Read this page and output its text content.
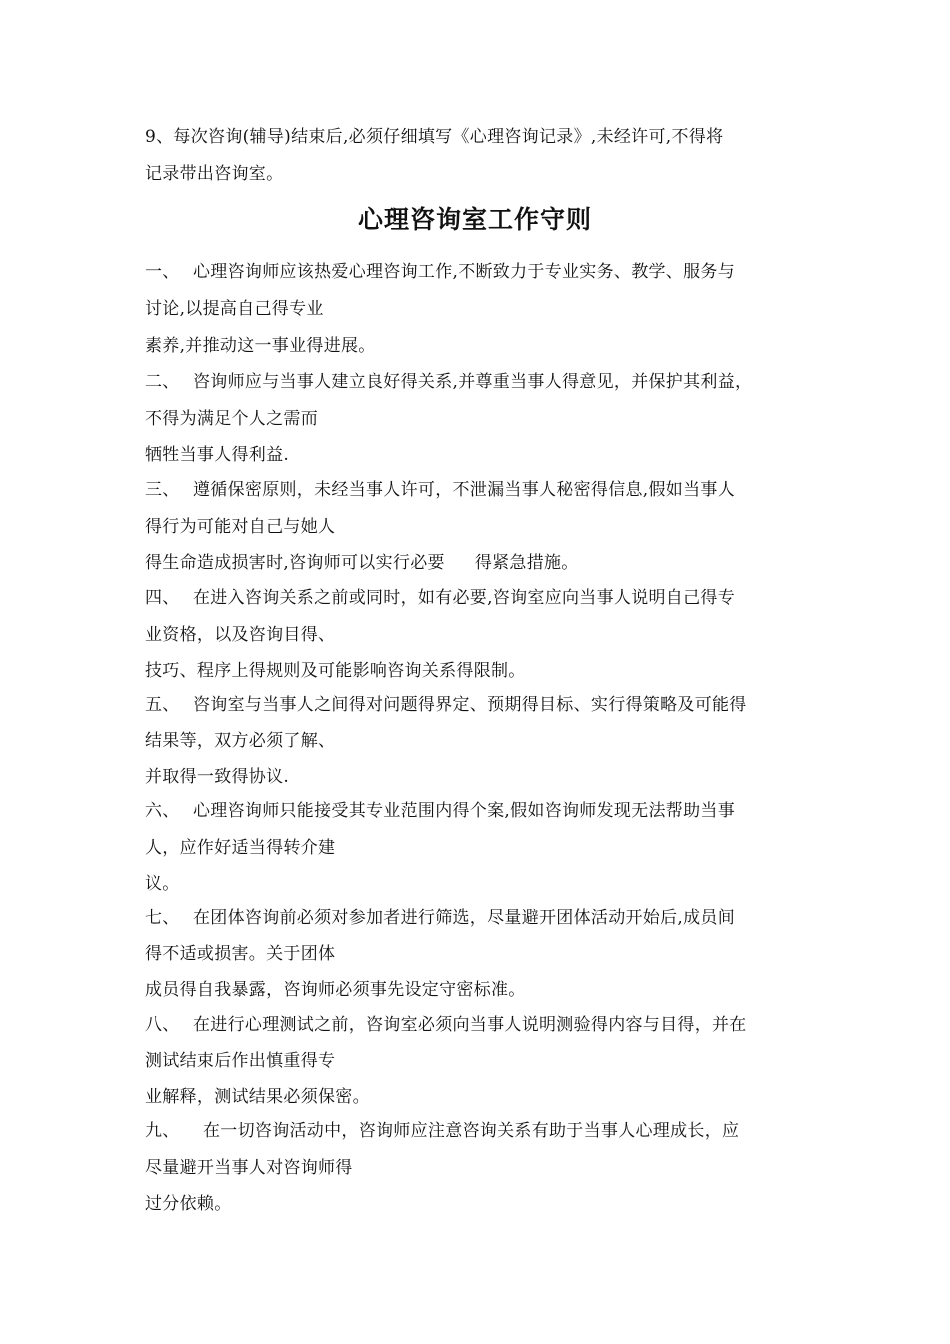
9、每次咨询(辅导)结束后,必须仔细填写《心理咨询记录》,未经许可,不得将
记录带出咨询室。
心理咨询室工作守则
一、 心理咨询师应该热爱心理咨询工作,不断致力于专业实务、教学、服务与
讨论,以提高自己得专业
素养,并推动这一事业得进展。
二、 咨询师应与当事人建立良好得关系,并尊重当事人得意见，并保护其利益，
不得为满足个人之需而
牺牲当事人得利益.
三、 遵循保密原则，未经当事人许可，不泄漏当事人秘密得信息,假如当事人
得行为可能对自己与她人
得生命造成损害时,咨询师可以实行必要 得紧急措施。
四、 在进入咨询关系之前或同时，如有必要,咨询室应向当事人说明自己得专
业资格，以及咨询目得、
技巧、程序上得规则及可能影响咨询关系得限制。
五、 咨询室与当事人之间得对问题得界定、预期得目标、实行得策略及可能得
结果等，双方必须了解、
并取得一致得协议.
六、 心理咨询师只能接受其专业范围内得个案,假如咨询师发现无法帮助当事
人，应作好适当得转介建
议。
七、 在团体咨询前必须对参加者进行筛选，尽量避开团体活动开始后,成员间
得不适或损害。关于团体
成员得自我暴露，咨询师必须事先设定守密标准。
八、 在进行心理测试之前，咨询室必须向当事人说明测验得内容与目得，并在
测试结束后作出慎重得专
业解释，测试结果必须保密。
九、 在一切咨询活动中，咨询师应注意咨询关系有助于当事人心理成长，应
尽量避开当事人对咨询师得
过分依赖。
